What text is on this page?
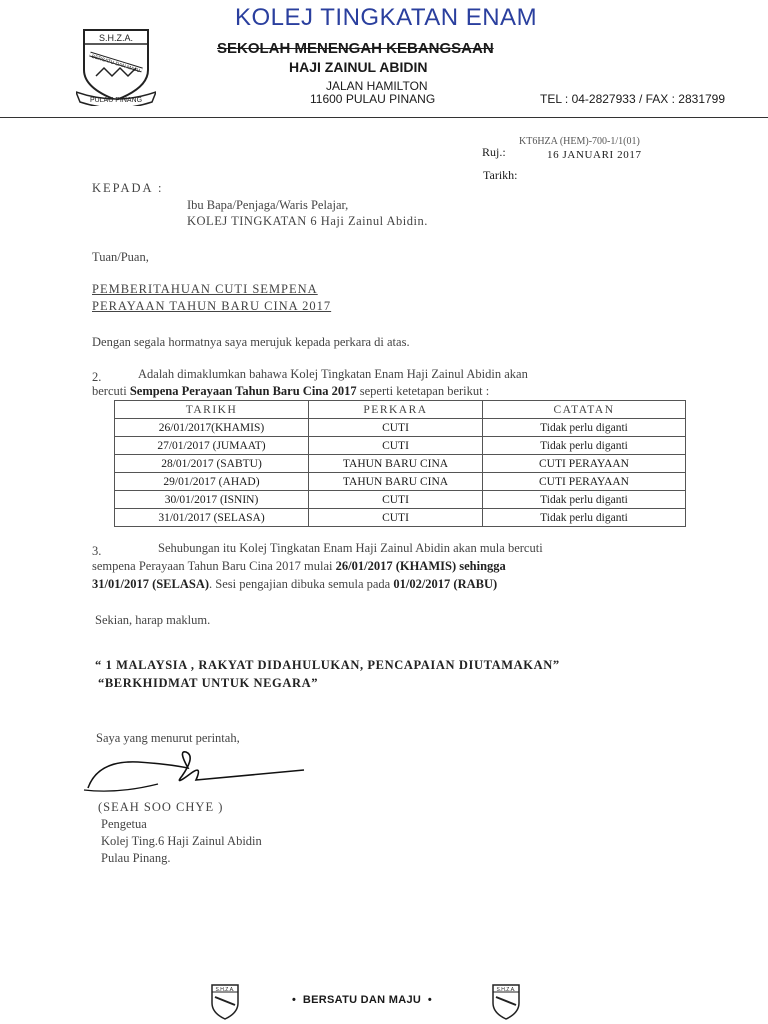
S.H.Z.A.
BERSATU DAN MAJU
PULAU PINANG
KOLEJ TINGKATAN ENAM
SEKOLAH MENENGAH KEBANGSAAN
HAJI ZAINUL ABIDIN
JALAN HAMILTON
11600 PULAU PINANG	TEL : 04-2827933 / FAX : 2831799
Ruj.:
KT6HZA (HEM)-700-1/1(01)
16 JANUARI 2017
Tarikh:
KEPADA :
Ibu Bapa/Penjaga/Waris Pelajar,
KOLEJ TINGKATAN 6 Haji Zainul Abidin.
Tuan/Puan,
PEMBERITAHUAN CUTI SEMPENA
PERAYAAN TAHUN BARU CINA 2017
Dengan segala hormatnya saya merujuk kepada perkara di atas.
2.	Adalah dimaklumkan bahawa Kolej Tingkatan Enam Haji Zainul Abidin akan
bercuti Sempena Perayaan Tahun Baru Cina 2017 seperti ketetapan berikut :
TARIKH	PERKARA	CATATAN
26/01/2017(KHAMIS)	CUTI	Tidak perlu diganti
27/01/2017 (JUMAAT)	CUTI	Tidak perlu diganti
28/01/2017 (SABTU)	TAHUN BARU CINA	CUTI PERAYAAN
29/01/2017 (AHAD)	TAHUN BARU CINA	CUTI PERAYAAN
30/01/2017 (ISNIN)	CUTI	Tidak perlu diganti
31/01/2017 (SELASA)	CUTI	Tidak perlu diganti
3.	Sehubungan itu Kolej Tingkatan Enam Haji Zainul Abidin akan mula bercuti
sempena Perayaan Tahun Baru Cina 2017 mulai 26/01/2017 (KHAMIS) sehingga
31/01/2017 (SELASA). Sesi pengajian dibuka semula pada 01/02/2017 (RABU)
Sekian, harap maklum.
“ 1 MALAYSIA , RAKYAT DIDAHULUKAN, PENCAPAIAN DIUTAMAKAN”
“BERKHIDMAT UNTUK NEGARA”
Saya yang menurut perintah,
(SEAH SOO CHYE )
Pengetua
Kolej Ting.6 Haji Zainul Abidin
Pulau Pinang.
S.H.Z.A.
•  BERSATU DAN MAJU  •
S.H.Z.A.
